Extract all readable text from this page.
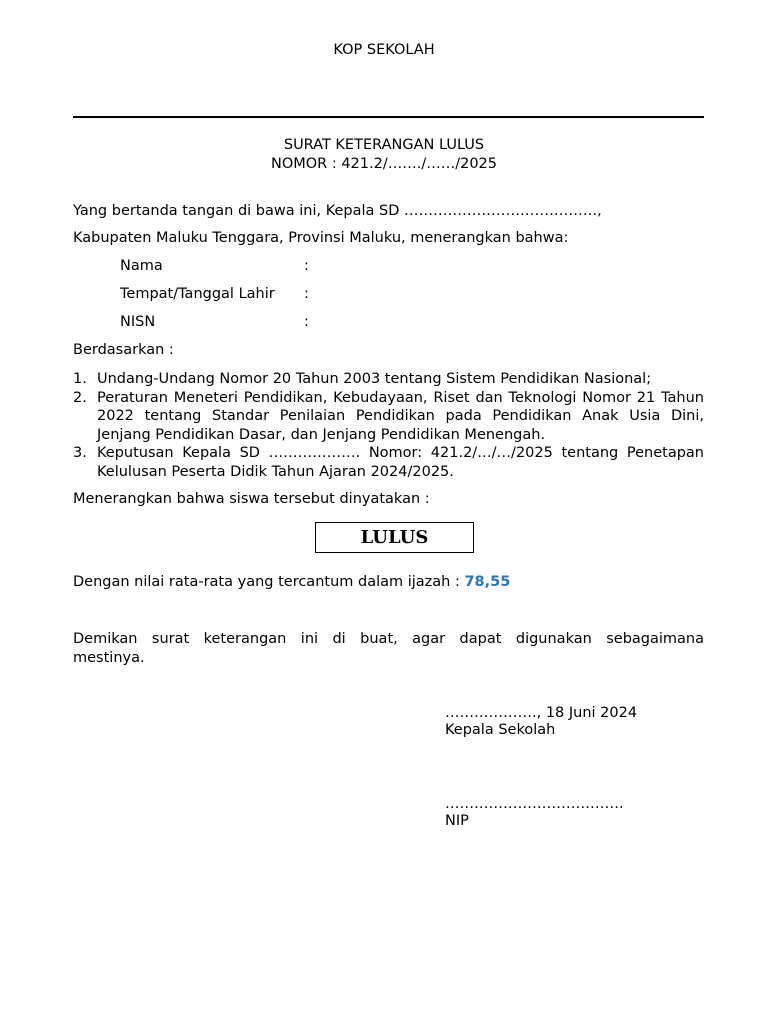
KOP SEKOLAH
SURAT KETERANGAN LULUS
NOMOR : 421.2/……./……/2025
Yang bertanda tangan di bawa ini, Kepala SD ………………………………….,
Kabupaten Maluku Tenggara, Provinsi Maluku, menerangkan bahwa:
Nama	:
Tempat/Tanggal Lahir :
NISN	:
Berdasarkan :
1. Undang-Undang Nomor 20 Tahun 2003 tentang Sistem Pendidikan Nasional;
2. Peraturan Meneteri Pendidikan, Kebudayaan, Riset dan Teknologi Nomor 21 Tahun 2022 tentang Standar Penilaian Pendidikan pada Pendidikan Anak Usia Dini, Jenjang Pendidikan Dasar, dan Jenjang Pendidikan Menengah.
3. Keputusan Kepala SD ………………. Nomor: 421.2/…/…/2025 tentang Penetapan Kelulusan Peserta Didik Tahun Ajaran 2024/2025.
Menerangkan bahwa siswa tersebut dinyatakan :
LULUS
Dengan nilai rata-rata yang tercantum dalam ijazah : 78,55
Demikan surat keterangan ini di buat, agar dapat digunakan sebagaimana
mestinya.
………………., 18 Juni 2024
Kepala Sekolah
……………………………….
NIP
